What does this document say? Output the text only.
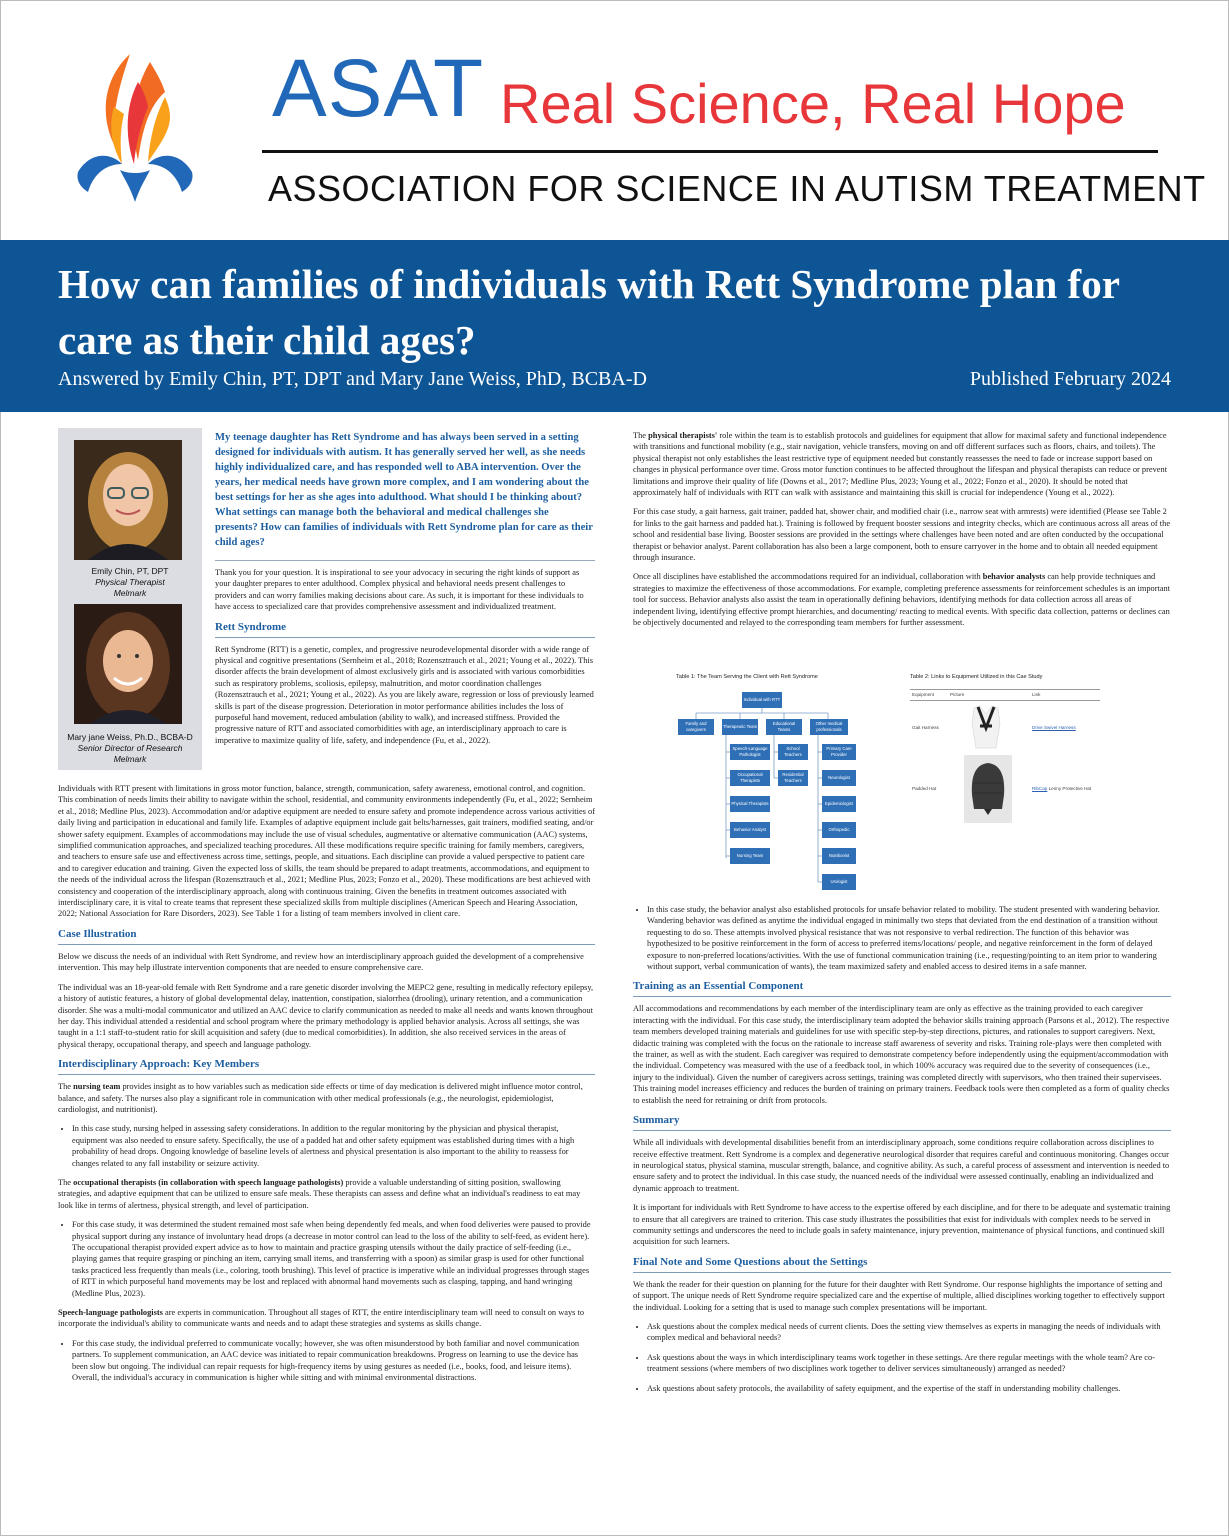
ASAT Real Science, Real Hope
ASSOCIATION FOR SCIENCE IN AUTISM TREATMENT
How can families of individuals with Rett Syndrome plan for care as their child ages?
Answered by Emily Chin, PT, DPT and Mary Jane Weiss, PhD, BCBA-D	Published February 2024
Emily Chin, PT, DPT
Physical Therapist
Melmark
Mary jane Weiss, Ph.D., BCBA-D
Senior Director of Research
Melmark
My teenage daughter has Rett Syndrome and has always been served in a setting designed for individuals with autism. It has generally served her well, as she needs highly individualized care, and has responded well to ABA intervention. Over the years, her medical needs have grown more complex, and I am wondering about the best settings for her as she ages into adulthood. What should I be thinking about? What settings can manage both the behavioral and medical challenges she presents? How can families of individuals with Rett Syndrome plan for care as their child ages?

Thank you for your question. It is inspirational to see your advocacy in securing the right kinds of support as your daughter prepares to enter adulthood. Complex physical and behavioral needs present challenges to providers and can worry families making decisions about care. As such, it is important for these individuals to have access to specialized care that provides comprehensive assessment and individualized treatment.

Rett Syndrome

Rett Syndrome (RTT) is a genetic, complex, and progressive neurodevelopmental disorder with a wide range of physical and cognitive presentations (Sernheim et al., 2018; Rozensztrauch et al., 2021; Young et al., 2022). This disorder affects the brain development of almost exclusively girls and is associated with various comorbidities such as respiratory problems, scoliosis, epilepsy, malnutrition, and motor coordination challenges (Rozensztrauch et al., 2021; Young et al., 2022). As you are likely aware, regression or loss of previously learned skills is part of the disease progression. Deterioration in motor performance abilities includes the loss of purposeful hand movement, reduced ambulation (ability to walk), and increased stiffness. Provided the progressive nature of RTT and associated comorbidities with age, an interdisciplinary approach to care is imperative to maximize quality of life, safety, and independence (Fu, et al., 2022).

Individuals with RTT present with limitations in gross motor function, balance, strength, communication, safety awareness, emotional control, and cognition. This combination of needs limits their ability to navigate within the school, residential, and community environments independently (Fu, et al., 2022; Sernheim et al., 2018; Medline Plus, 2023). Accommodation and/or adaptive equipment are needed to ensure safety and promote independence across various activities of daily living and participation in educational and family life. Examples of adaptive equipment include gait belts/harnesses, gait trainers, modified seating, and/or shower safety equipment. Examples of accommodations may include the use of visual schedules, augmentative or alternative communication (AAC) systems, simplified communication approaches, and specialized teaching procedures. All these modifications require specific training for family members, caregivers, and teachers to ensure safe use and effectiveness across time, settings, people, and situations. Each discipline can provide a valued perspective to patient care and to caregiver education and training. Given the expected loss of skills, the team should be prepared to adapt treatments, accommodations, and equipment to the needs of the individual across the lifespan (Rozensztrauch et al., 2021; Medline Plus, 2023; Fonzo et al., 2020). These modifications are best achieved with consistency and cooperation of the interdisciplinary approach, along with continuous training. Given the benefits in treatment outcomes associated with interdisciplinary care, it is vital to create teams that represent these specialized skills from multiple disciplines (American Speech and Hearing Association, 2022; National Association for Rare Disorders, 2023). See Table 1 for a listing of team members involved in client care.

Case Illustration

Below we discuss the needs of an individual with Rett Syndrome, and review how an interdisciplinary approach guided the development of a comprehensive intervention. This may help illustrate intervention components that are needed to ensure comprehensive care.

The individual was an 18-year-old female with Rett Syndrome and a rare genetic disorder involving the MEPC2 gene, resulting in medically refectory epilepsy, a history of autistic features, a history of global developmental delay, inattention, constipation, sialorrhea (drooling), urinary retention, and a communication disorder. She was a multi-modal communicator and utilized an AAC device to clarify communication as needed to make all needs and wants known throughout her day. This individual attended a residential and school program where the primary methodology is applied behavior analysis. Across all settings, she was taught in a 1:1 staff-to-student ratio for skill acquisition and safety (due to medical comorbidities). In addition, she also received services in the areas of physical therapy, occupational therapy, and speech and language pathology.

Interdisciplinary Approach: Key Members

The nursing team provides insight as to how variables such as medication side effects or time of day medication is delivered might influence motor control, balance, and safety. The nurses also play a significant role in communication with other medical professionals (e.g., the neurologist, epidemiologist, cardiologist, and nutritionist).

• In this case study, nursing helped in assessing safety considerations. In addition to the regular monitoring by the physician and physical therapist, equipment was also needed to ensure safety. Specifically, the use of a padded hat and other safety equipment was established during times with a high probability of head drops. Ongoing knowledge of baseline levels of alertness and physical presentation is also important to the ability to reassess for changes related to any fall instability or seizure activity.

The occupational therapists (in collaboration with speech language pathologists) provide a valuable understanding of sitting position, swallowing strategies, and adaptive equipment that can be utilized to ensure safe meals. These therapists can assess and define what an individual's readiness to eat may look like in terms of alertness, physical strength, and level of participation.

• For this case study, it was determined the student remained most safe when being dependently fed meals, and when food deliveries were paused to provide physical support during any instance of involuntary head drops (a decrease in motor control can lead to the loss of the ability to self-feed, as evident here). The occupational therapist provided expert advice as to how to maintain and practice grasping utensils without the daily practice of self-feeding (i.e., playing games that require grasping or pinching an item, carrying small items, and transferring with a spoon) as similar grasp is used for other functional tasks practiced less frequently than meals (i.e., coloring, tooth brushing). This level of practice is imperative while an individual progresses through stages of RTT in which purposeful hand movements may be lost and replaced with abnormal hand movements such as clasping, tapping, and hand wringing (Medline Plus, 2023).

Speech-language pathologists are experts in communication. Throughout all stages of RTT, the entire interdisciplinary team will need to consult on ways to incorporate the individual's ability to communicate wants and needs and to adapt these strategies and systems as skills change.

• For this case study, the individual preferred to communicate vocally; however, she was often misunderstood by both familiar and novel communication partners. To supplement communication, an AAC device was initiated to repair communication breakdowns. Progress on learning to use the device has been slow but ongoing. The individual can repair requests for high-frequency items by using gestures as needed (i.e., books, food, and leisure items). Overall, the individual's accuracy in communication is higher while sitting and with minimal environmental distractions.

The physical therapists' role within the team is to establish protocols and guidelines for equipment that allow for maximal safety and functional independence with transitions and functional mobility (e.g., stair navigation, vehicle transfers, moving on and off different surfaces such as floors, chairs, and toilets). The physical therapist not only establishes the least restrictive type of equipment needed but constantly reassesses the need to fade or increase support based on changes in physical performance over time. Gross motor function continues to be affected throughout the lifespan and physical therapists can reduce or prevent limitations and improve their quality of life (Downs et al., 2017; Medline Plus, 2023; Young et al., 2022; Fonzo et al., 2020). It should be noted that approximately half of individuals with RTT can walk with assistance and maintaining this skill is crucial for independence (Young et al., 2022).

For this case study, a gait harness, gait trainer, padded hat, shower chair, and modified chair (i.e., narrow seat with armrests) were identified (Please see Table 2 for links to the gait harness and padded hat.). Training is followed by frequent booster sessions and integrity checks, which are continuous across all areas of the school and residential base living. Booster sessions are provided in the settings where challenges have been noted and are often conducted by the occupational therapist or behavior analyst. Parent collaboration has also been a large component, both to ensure carryover in the home and to obtain all needed equipment through insurance.

Once all disciplines have established the accommodations required for an individual, collaboration with behavior analysts can help provide techniques and strategies to maximize the effectiveness of those accommodations. For example, completing preference assessments for reinforcement schedules is an important tool for success. Behavior analysts also assist the team in operationally defining behaviors, identifying methods for data collection across all areas of independent living, identifying effective prompt hierarchies, and documenting/ reacting to medical events. With specific data collection, patterns or declines can be objectively documented and relayed to the corresponding team members for further assessment.

Table 1: The Team Serving the Client with Rett Syndrome
Individual with RTT
Family and caregivers
Therapeutic Team
Educational Teams
Other medical professionals
Speech-Language Pathologist
Occupational Therapists
Physical Therapists
Behavior Analyst
Nursing Team
School Teachers
Residential Teachers
Primary Care Provider
Neurologist
Epidemiologist
Orthopedic
Nutritionist
Urologist
Table 2: Links to Equipment Utilized in this Cae Study
Equipment	Picture	Link
Gait Harness	Drive Swivel Harness
Padded Hat	RibCap Lenny Protective Hat
• In this case study, the behavior analyst also established protocols for unsafe behavior related to mobility. The student presented with wandering behavior. Wandering behavior was defined as anytime the individual engaged in minimally two steps that deviated from the end destination of a transition without requesting to do so. These attempts involved physical resistance that was not responsive to verbal redirection. The function of this behavior was hypothesized to be positive reinforcement in the form of access to preferred items/locations/ people, and negative reinforcement in the form of delayed exposure to non-preferred locations/activities. With the use of functional communication training (i.e., requesting/pointing to an item prior to wandering without support, verbal communication of wants), the team maximized safety and enabled access to desired items in a safe manner.
Training as an Essential Component

All accommodations and recommendations by each member of the interdisciplinary team are only as effective as the training provided to each caregiver interacting with the individual. For this case study, the interdisciplinary team adopted the behavior skills training approach (Parsons et al., 2012). The respective team members developed training materials and guidelines for use with specific step-by-step directions, pictures, and rationales to support caregivers. Next, didactic training was completed with the focus on the rationale to increase staff awareness of severity and risks. Training role-plays were then completed with the trainer, as well as with the student. Each caregiver was required to demonstrate competency before independently using the equipment/accommodation with the individual. Competency was measured with the use of a feedback tool, in which 100% accuracy was required due to the severity of consequences (i.e., injury to the individual). Given the number of caregivers across settings, training was completed directly with supervisors, who then trained their supervisees. This training model increases efficiency and reduces the burden of training on primary trainers. Feedback tools were then completed as a form of quality checks to establish the need for retraining or drift from protocols.

Summary

While all individuals with developmental disabilities benefit from an interdisciplinary approach, some conditions require collaboration across disciplines to receive effective treatment. Rett Syndrome is a complex and degenerative neurological disorder that requires careful and continuous monitoring. Changes occur in neurological status, physical stamina, muscular strength, balance, and cognitive ability. As such, a careful process of assessment and intervention is needed to ensure safety and to protect the individual. In this case study, the nuanced needs of the individual were assessed continually, enabling an individualized and dynamic approach to treatment.

It is important for individuals with Rett Syndrome to have access to the expertise offered by each discipline, and for there to be adequate and systematic training to ensure that all caregivers are trained to criterion. This case study illustrates the possibilities that exist for individuals with complex needs to be served in community settings and underscores the need to include goals in safety maintenance, injury prevention, maintenance of physical functions, and continued skill acquisition for such learners.

Final Note and Some Questions about the Settings

We thank the reader for their question on planning for the future for their daughter with Rett Syndrome. Our response highlights the importance of setting and of support. The unique needs of Rett Syndrome require specialized care and the expertise of multiple, allied disciplines working together to effectively support the individual. Looking for a setting that is used to manage such complex presentations will be important.

• Ask questions about the complex medical needs of current clients. Does the setting view themselves as experts in managing the needs of individuals with complex medical and behavioral needs?
• Ask questions about the ways in which interdisciplinary teams work together in these settings. Are there regular meetings with the whole team? Are co-treatment sessions (where members of two disciplines work together to deliver services simultaneously) arranged as needed?
• Ask questions about safety protocols, the availability of safety equipment, and the expertise of the staff in understanding mobility challenges.
